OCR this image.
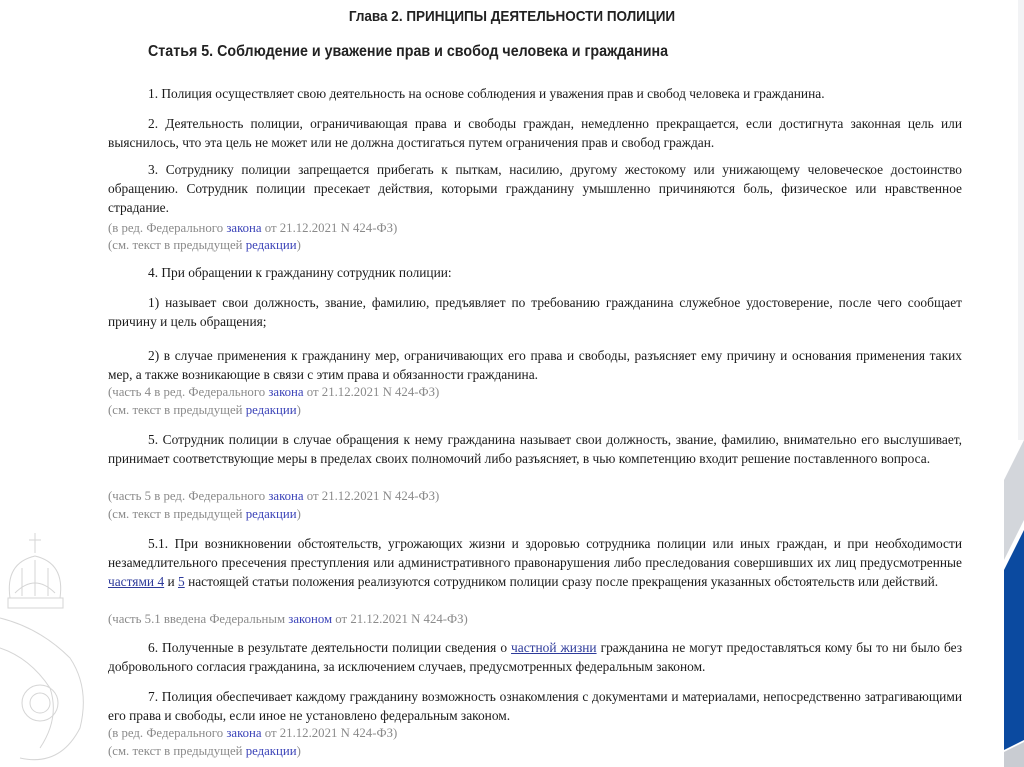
Глава 2. ПРИНЦИПЫ ДЕЯТЕЛЬНОСТИ ПОЛИЦИИ
Статья 5. Соблюдение и уважение прав и свобод человека и гражданина
1. Полиция осуществляет свою деятельность на основе соблюдения и уважения прав и свобод человека и гражданина.
2. Деятельность полиции, ограничивающая права и свободы граждан, немедленно прекращается, если достигнута законная цель или выяснилось, что эта цель не может или не должна достигаться путем ограничения прав и свобод граждан.
3. Сотруднику полиции запрещается прибегать к пыткам, насилию, другому жестокому или унижающему человеческое достоинство обращению. Сотрудник полиции пресекает действия, которыми гражданину умышленно причиняются боль, физическое или нравственное страдание.
(в ред. Федерального закона от 21.12.2021 N 424-ФЗ)
(см. текст в предыдущей редакции)
4. При обращении к гражданину сотрудник полиции:
1) называет свои должность, звание, фамилию, предъявляет по требованию гражданина служебное удостоверение, после чего сообщает причину и цель обращения;
2) в случае применения к гражданину мер, ограничивающих его права и свободы, разъясняет ему причину и основания применения таких мер, а также возникающие в связи с этим права и обязанности гражданина.
(часть 4 в ред. Федерального закона от 21.12.2021 N 424-ФЗ)
(см. текст в предыдущей редакции)
5. Сотрудник полиции в случае обращения к нему гражданина называет свои должность, звание, фамилию, внимательно его выслушивает, принимает соответствующие меры в пределах своих полномочий либо разъясняет, в чью компетенцию входит решение поставленного вопроса.
(часть 5 в ред. Федерального закона от 21.12.2021 N 424-ФЗ)
(см. текст в предыдущей редакции)
5.1. При возникновении обстоятельств, угрожающих жизни и здоровью сотрудника полиции или иных граждан, и при необходимости незамедлительного пресечения преступления или административного правонарушения либо преследования совершивших их лиц предусмотренные частями 4 и 5 настоящей статьи положения реализуются сотрудником полиции сразу после прекращения указанных обстоятельств или действий.
(часть 5.1 введена Федеральным законом от 21.12.2021 N 424-ФЗ)
6. Полученные в результате деятельности полиции сведения о частной жизни гражданина не могут предоставляться кому бы то ни было без добровольного согласия гражданина, за исключением случаев, предусмотренных федеральным законом.
7. Полиция обеспечивает каждому гражданину возможность ознакомления с документами и материалами, непосредственно затрагивающими его права и свободы, если иное не установлено федеральным законом.
(в ред. Федерального закона от 21.12.2021 N 424-ФЗ)
(см. текст в предыдущей редакции)
